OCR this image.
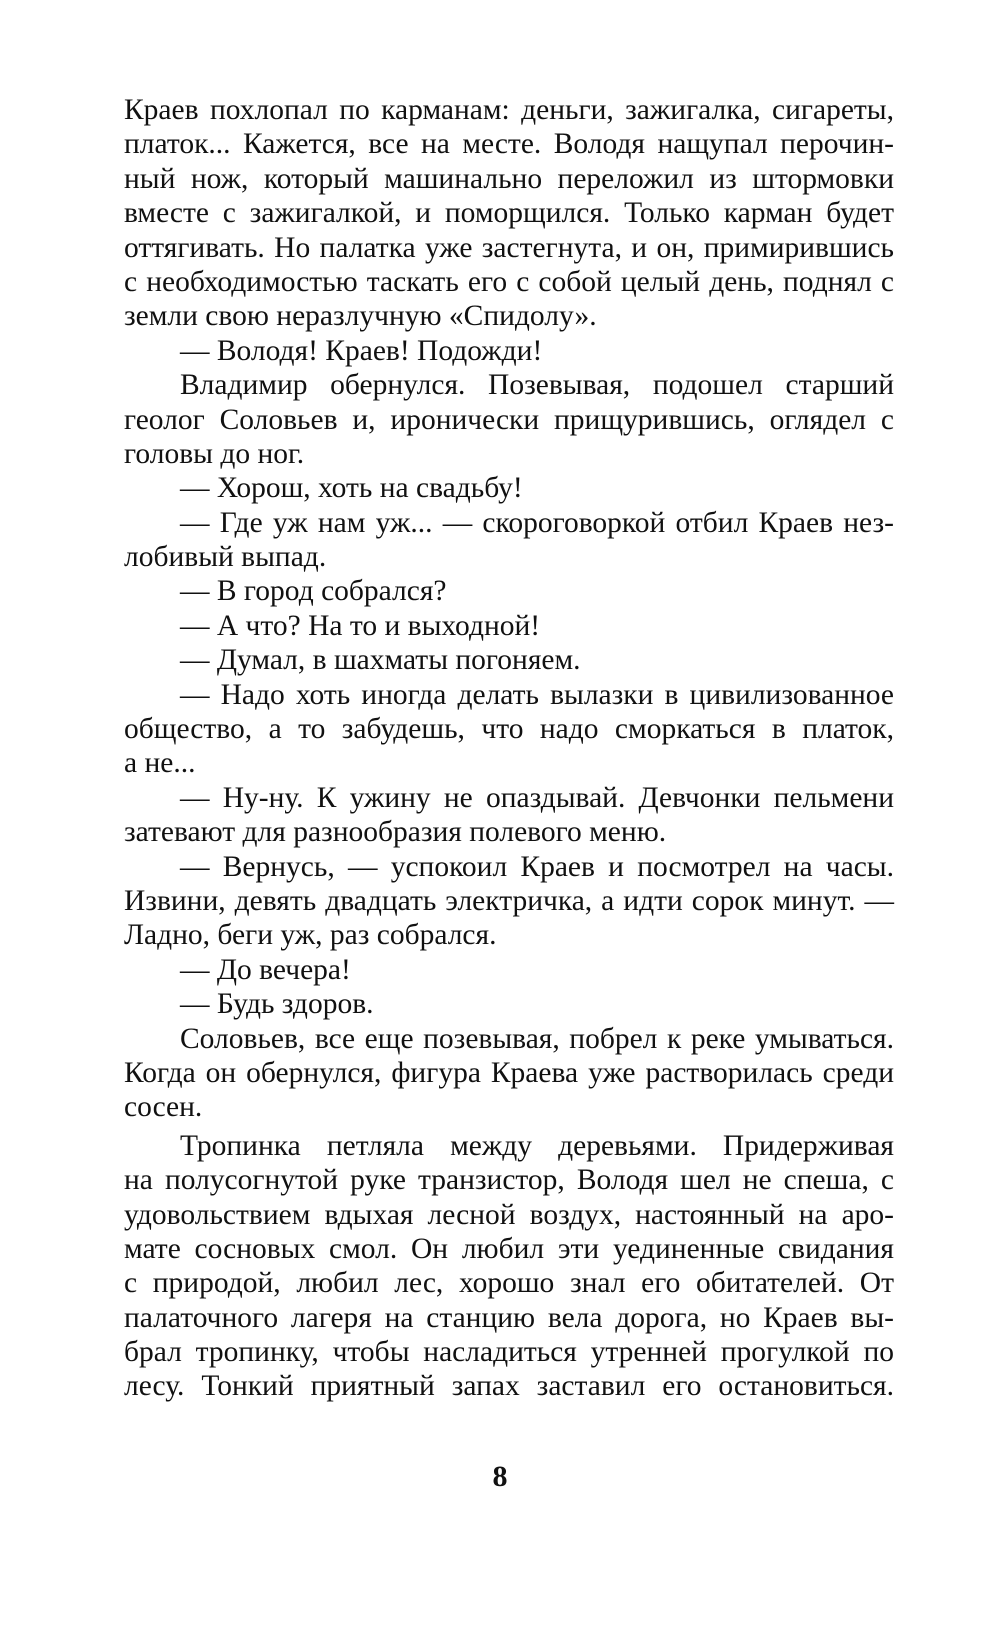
Краев похлопал по карманам: деньги, зажигалка, сигареты,
платок... Кажется, все на месте. Володя нащупал перочин-
ный нож, который машинально переложил из штормовки
вместе с зажигалкой, и поморщился. Только карман будет
оттягивать. Но палатка уже застегнута, и он, примирившись
с необходимостью таскать его с собой целый день, поднял с
земли свою неразлучную «Спидолу».
— Володя! Краев! Подожди!
Владимир обернулся. Позевывая, подошел старший
геолог Соловьев и, иронически прищурившись, оглядел с
головы до ног.
— Хорош, хоть на свадьбу!
— Где уж нам уж... — скороговоркой отбил Краев нез-
лобивый выпад.
— В город собрался?
— А что? На то и выходной!
— Думал, в шахматы погоняем.
— Надо хоть иногда делать вылазки в цивилизованное
общество, а то забудешь, что надо сморкаться в платок,
а не...
— Ну-ну. К ужину не опаздывай. Девчонки пельмени
затевают для разнообразия полевого меню.
— Вернусь, — успокоил Краев и посмотрел на часы.
Извини, девять двадцать электричка, а идти сорок минут. —
Ладно, беги уж, раз собрался.
— До вечера!
— Будь здоров.
Соловьев, все еще позевывая, побрел к реке умываться.
Когда он обернулся, фигура Краева уже растворилась среди
сосен.
Тропинка петляла между деревьями. Придерживая
на полусогнутой руке транзистор, Володя шел не спеша, с
удовольствием вдыхая лесной воздух, настоянный на аро-
мате сосновых смол. Он любил эти уединенные свидания
с природой, любил лес, хорошо знал его обитателей. От
палаточного лагеря на станцию вела дорога, но Краев вы-
брал тропинку, чтобы насладиться утренней прогулкой по
лесу. Тонкий приятный запах заставил его остановиться.
8
